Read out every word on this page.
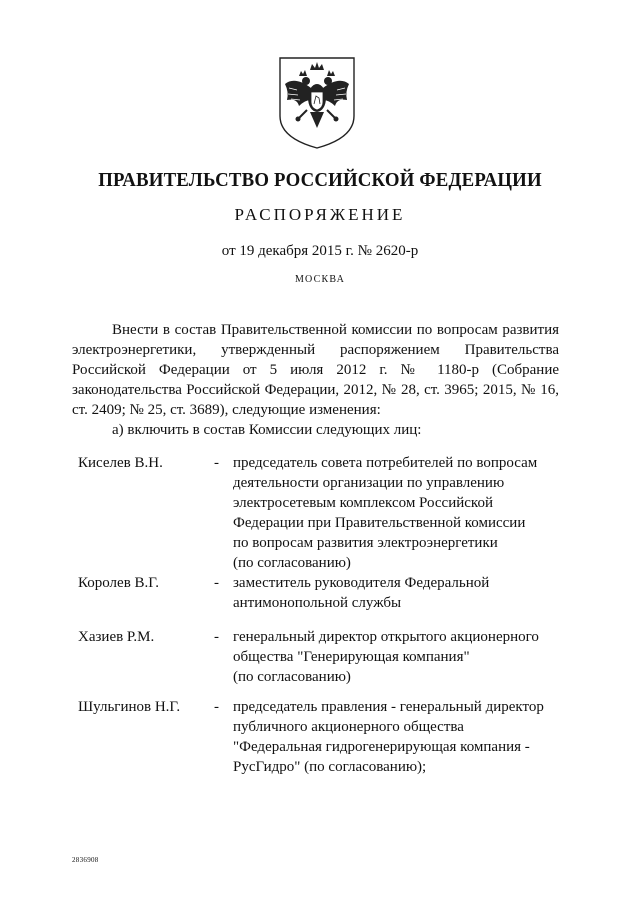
ПРАВИТЕЛЬСТВО РОССИЙСКОЙ ФЕДЕРАЦИИ
РАСПОРЯЖЕНИЕ
от 19 декабря 2015 г. № 2620-р
МОСКВА

Внести в состав Правительственной комиссии по вопросам развития электроэнергетики, утвержденный распоряжением Правительства Российской Федерации от 5 июля 2012 г. № 1180-р (Собрание законодательства Российской Федерации, 2012, № 28, ст. 3965; 2015, № 16, ст. 2409; № 25, ст. 3689), следующие изменения:

а) включить в состав Комиссии следующих лиц:
Киселев В.Н.	- председатель совета потребителей по вопросам
деятельности организации по управлению
электросетевым комплексом Российской
Федерации при Правительственной комиссии
по вопросам развития электроэнергетики
(по согласованию)
Королев В.Г.	- заместитель руководителя Федеральной
антимонопольной службы
Хазиев Р.М.	- генеральный директор открытого акционерного
общества "Генерирующая компания"
(по согласованию)
Шульгинов Н.Г. - председатель правления - генеральный директор
публичного акционерного общества
"Федеральная гидрогенерирующая компания -
РусГидро" (по согласованию);
2836908
